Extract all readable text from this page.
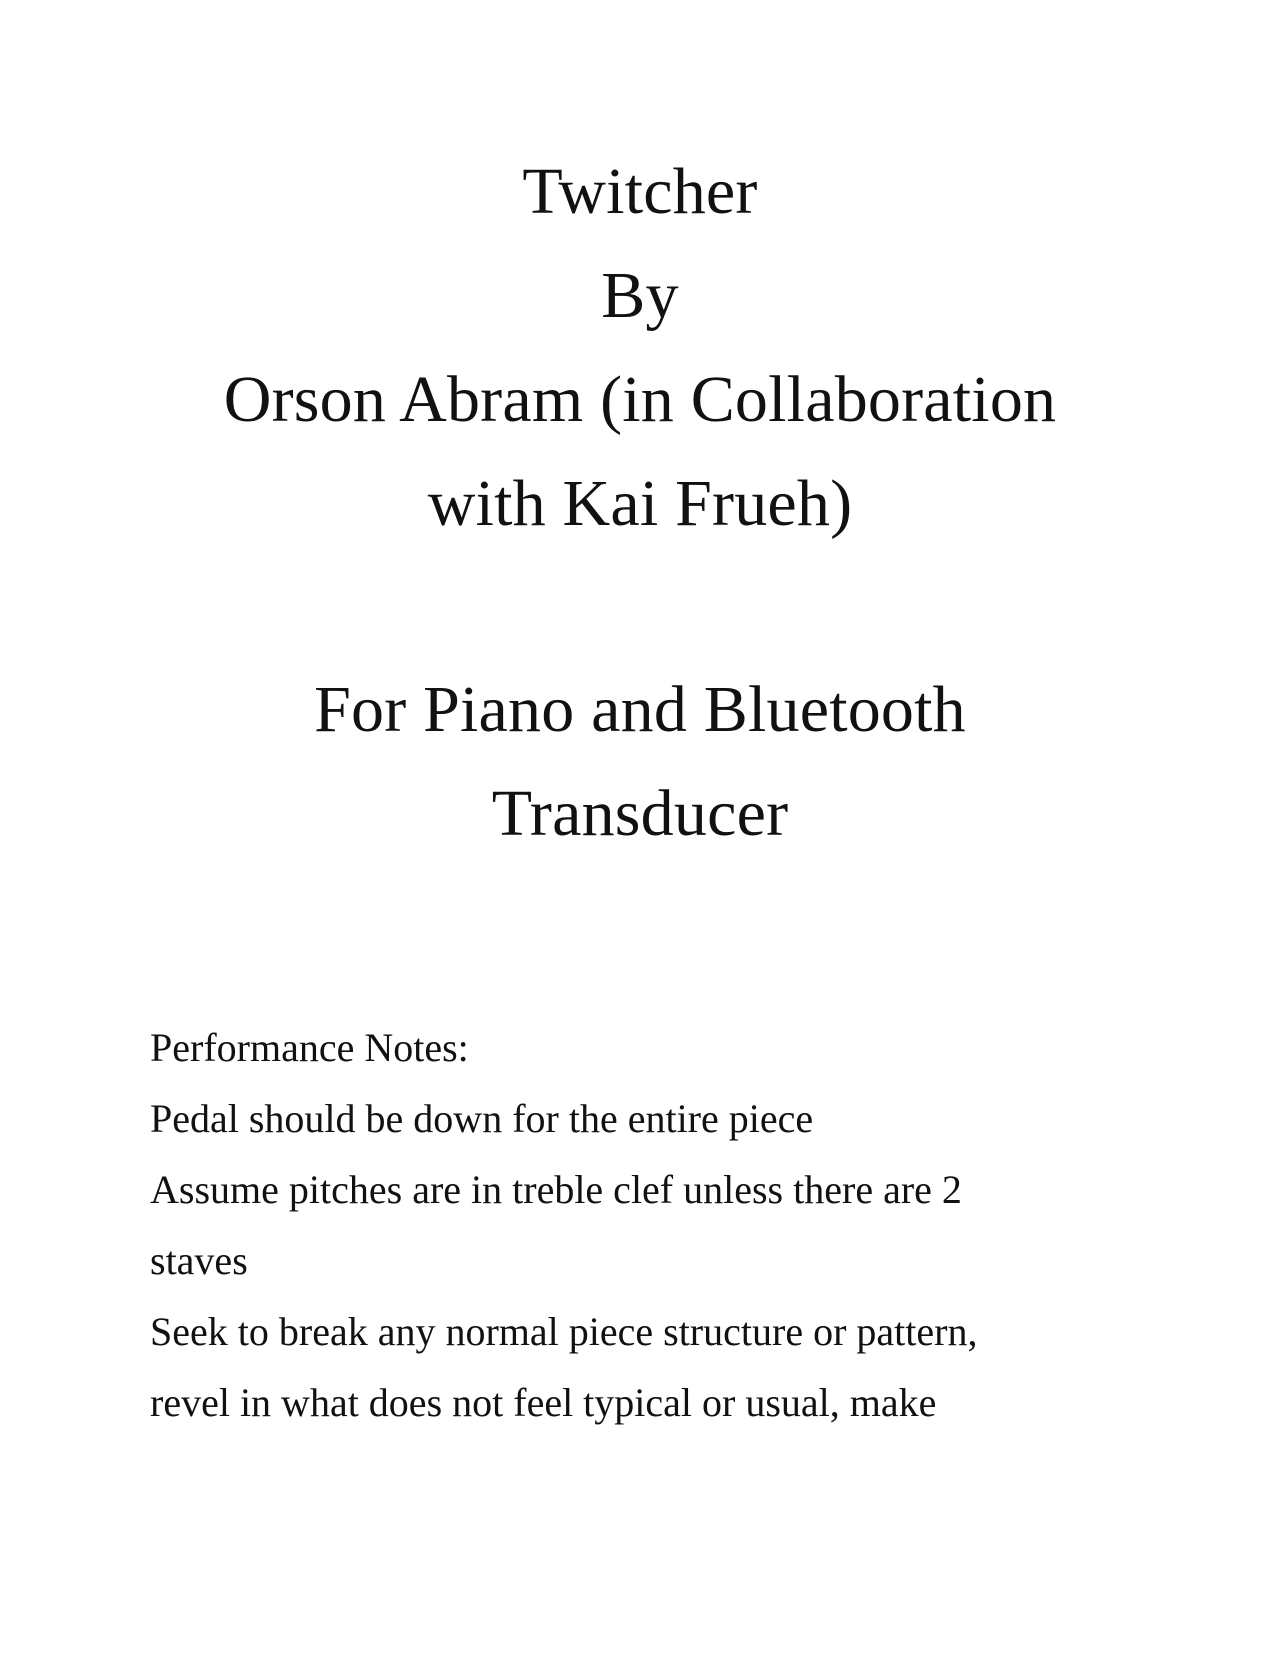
Twitcher
By
Orson Abram (in Collaboration
with Kai Frueh)
For Piano and Bluetooth
Transducer
Performance Notes:
Pedal should be down for the entire piece
Assume pitches are in treble clef unless there are 2
staves
Seek to break any normal piece structure or pattern,
revel in what does not feel typical or usual, make
